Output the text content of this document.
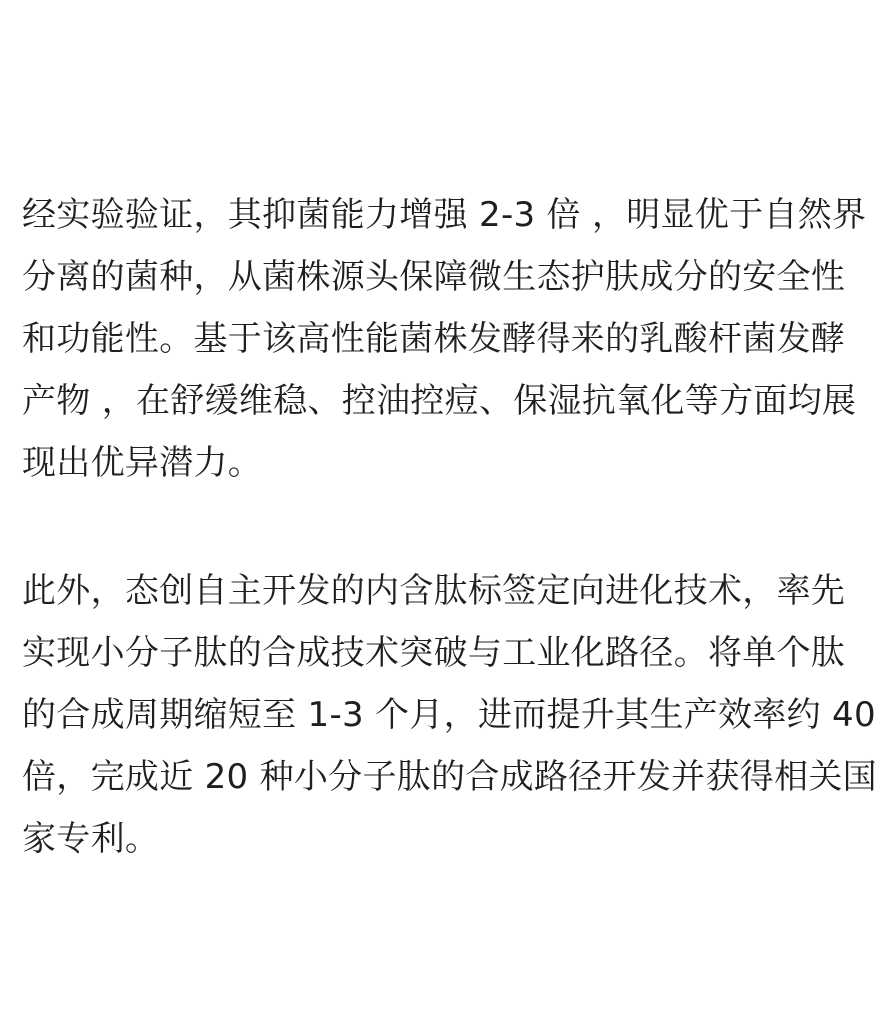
经实验验证，其抑菌能力增强 2-3 倍 ，明显优于自然界
分离的菌种，从菌株源头保障微生态护肤成分的安全性
和功能性。基于该高性能菌株发酵得来的乳酸杆菌发酵
产物 ，在舒缓维稳、控油控痘、保湿抗氧化等方面均展
现出优异潜力。
此外，态创自主开发的内含肽标签定向进化技术，率先
实现小分子肽的合成技术突破与工业化路径。将单个肽
的合成周期缩短至 1-3 个月，进而提升其生产效率约 40
倍，完成近 20 种小分子肽的合成路径开发并获得相关国
家专利。
